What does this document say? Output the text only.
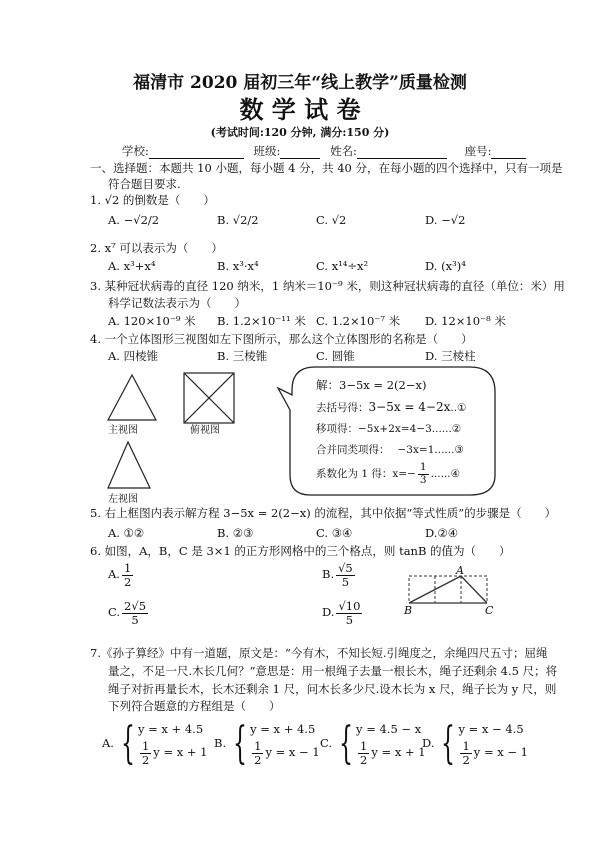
福清市 2020 届初三年“线上教学”质量检测
数 学 试 卷
(考试时间:120 分钟, 满分:150 分)
学校:	班级:	姓名:	座号:
一、选择题：本题共 10 小题，每小题 4 分，共 40 分，在每小题的四个选择中，只有一项是
符合题目要求.
1. √2 的倒数是（　　）
A. −√2/2	B. √2/2	C. √2	D. −√2
2. x⁷ 可以表示为（　　）
A. x³+x⁴	B. x³·x⁴	C. x¹⁴÷x²	D. (x³)⁴
3. 某种冠状病毒的直径 120 纳米，1 纳米＝10⁻⁹ 米，则这种冠状病毒的直径（单位：米）用
科学记数法表示为（　　）
A. 120×10⁻⁹ 米 B. 1.2×10⁻¹¹ 米 C. 1.2×10⁻⁷ 米 D. 12×10⁻⁸ 米
4. 一个立体图形三视图如左下图所示，那么这个立体图形的名称是（　　）
A. 四棱锥	B. 三棱锥	C. 圆锥	D. 三棱柱
主视图	俯视图
左视图
解：3−5x = 2(2−x)
去括号得：3−5x = 4−2x..①
移项得：−5x+2x=4−3......②
合并同类项得： −3x=1......③
系数化为 1 得：$x=- \frac{1}{3}$ ......④
5. 右上框图内表示解方程 3−5x = 2(2−x) 的流程，其中依据“等式性质”的步骤是（　　）
A. ①②	B. ②③	C. ③④	D.②④
6. 如图，A，B，C 是 3×1 的正方形网格中的三个格点，则 tanB 的值为（　　）
A. $\frac{1}{2}$	B. $\frac{√5}{5}$
C. $\frac{2√5}{5}$	D. $\frac{√10}{5}$
A
B	C
7.《孙子算经》中有一道题，原文是：“今有木，不知长短.引绳度之，余绳四尺五寸；屈绳
量之，不足一尺.木长几何？”意思是：用一根绳子去量一根长木，绳子还剩余 4.5 尺；将
绳子对折再量长木，长木还剩余 1 尺，问木长多少尺.设木长为 x 尺，绳子长为 y 尺，则
下列符合题意的方程组是（　　）
A. { y = x + 4.5
$\frac{1}{2}$ y = x + 1
B. { y = x + 4.5
$\frac{1}{2}$ y = x − 1
C. { y = 4.5 − x
$\frac{1}{2}$ y = x + 1
D. { y = x − 4.5
$\frac{1}{2}$ y = x − 1
